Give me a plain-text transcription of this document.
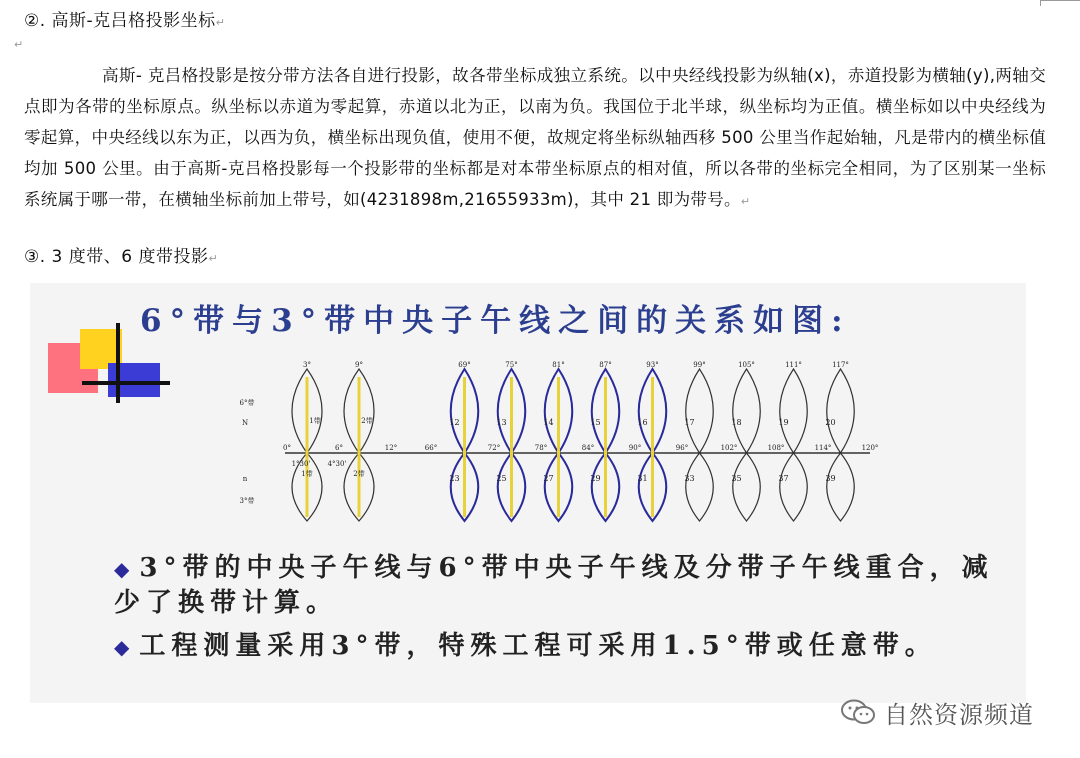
②. 高斯-克吕格投影坐标↵
↵
高斯- 克吕格投影是按分带方法各自进行投影，故各带坐标成独立系统。以中央经线投影为纵轴(x)，赤道投影为横轴(y),两轴交点即为各带的坐标原点。纵坐标以赤道为零起算，赤道以北为正，以南为负。我国位于北半球，纵坐标均为正值。横坐标如以中央经线为零起算，中央经线以东为正，以西为负，横坐标出现负值，使用不便，故规定将坐标纵轴西移 500 公里当作起始轴，凡是带内的横坐标值均加 500 公里。由于高斯-克吕格投影每一个投影带的坐标都是对本带坐标原点的相对值，所以各带的坐标完全相同，为了区别某一坐标系统属于哪一带，在横轴坐标前加上带号，如(4231898m,21655933m)，其中 21 即为带号。↵
③. 3 度带、6 度带投影↵
6°带与3°带中央子午线之间的关系如图:
6°带
N
n
3°带
3°
1带
1带
9°
2带
2带
0°	6°	12°
1°30' 4°30'
69°
12
23
75°
13
25
81°
14
27
87°
15
29
93°
16
31
99°
17
33
105°
18
35
111°
19
37
117°
20
39
66°	72°	78°	84°	90°	96°	102°	108°	114°	120°
◆ 3°带的中央子午线与6°带中央子午线及分带子午线重合，减少了换带计算。
◆ 工程测量采用3°带，特殊工程可采用1.5°带或任意带。
自然资源频道
